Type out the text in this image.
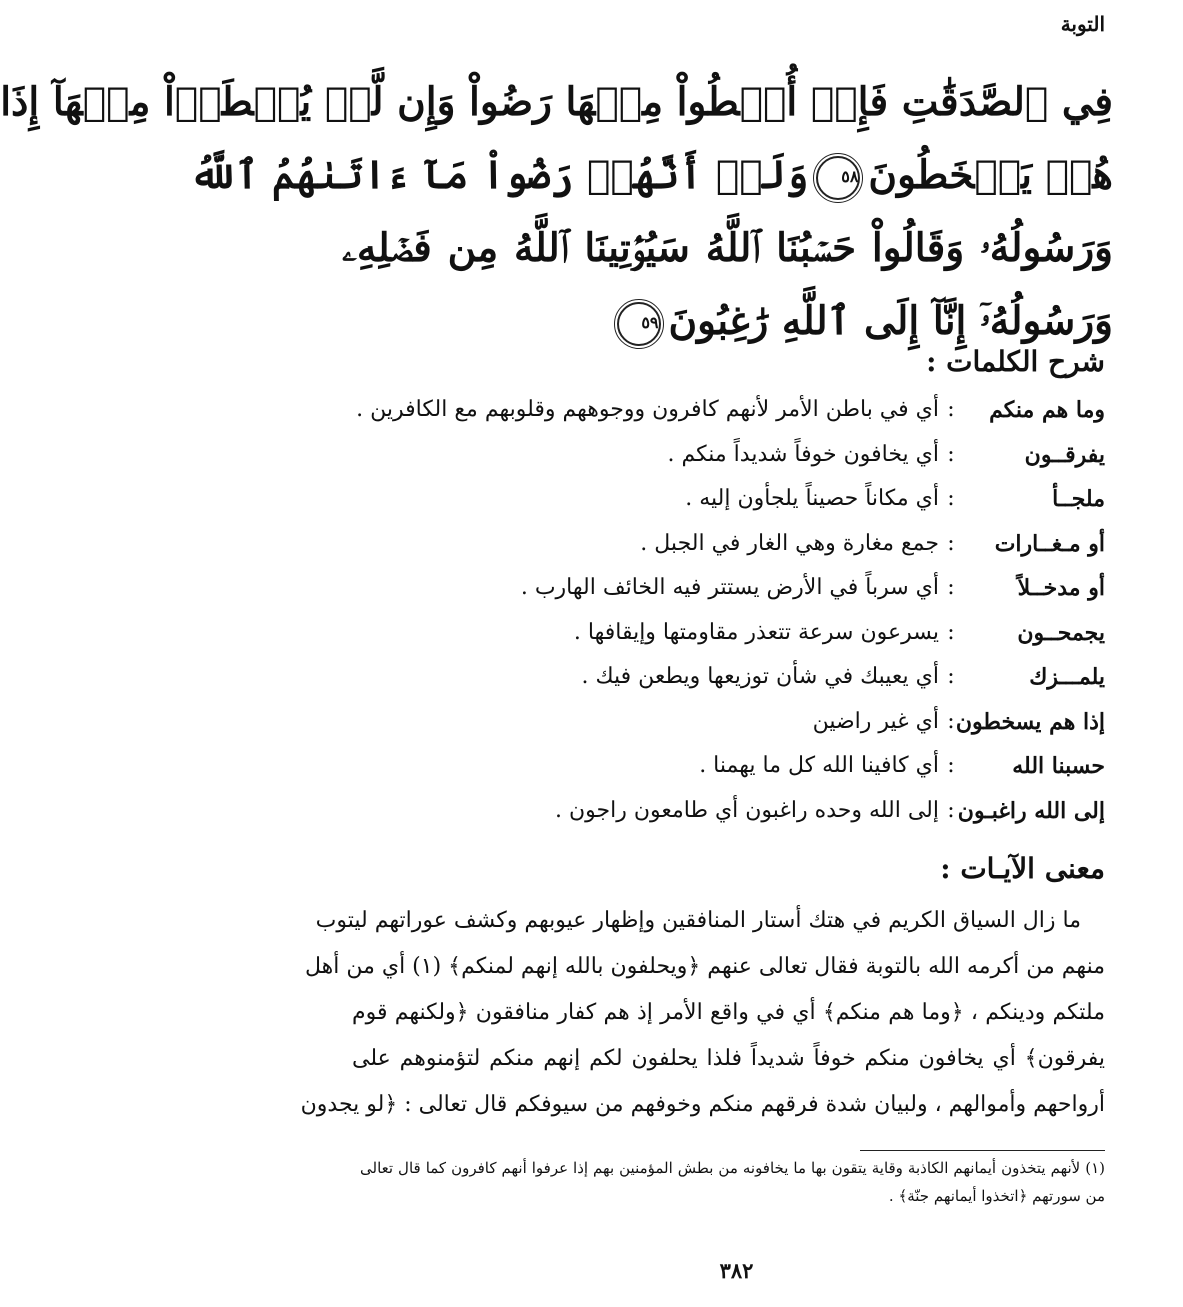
التوبة
فِي ٱلصَّدَقَٰتِ فَإِنۡ أُعۡطُواْ مِنۡهَا رَضُواْ وَإِن لَّمۡ يُعۡطَوۡاْ مِنۡهَآ إِذَا
هُمۡ يَسۡخَطُونَ٥٨وَلَوۡ أَنَّهُمۡ رَضُواْ مَآ ءَاتَىٰهُمُ ٱللَّهُ
وَرَسُولُهُۥ وَقَالُواْ حَسۡبُنَا ٱللَّهُ سَيُؤۡتِينَا ٱللَّهُ مِن فَضۡلِهِۦ
وَرَسُولُهُۥٓ إِنَّآ إِلَى ٱللَّهِ رَٰغِبُونَ٥٩
شرح الكلمات :
وما هم منكم
:
أي في باطن الأمر لأنهم كافرون ووجوههم وقلوبهم مع الكافرين .
يفرقــون
:
أي يخافون خوفاً شديداً منكم .
ملجــأ
:
أي مكاناً حصيناً يلجأون إليه .
أو مـغــارات
:
جمع مغارة وهي الغار في الجبل .
أو مدخــلاً
:
أي سرباً في الأرض يستتر فيه الخائف الهارب .
يجمحــون
:
يسرعون سرعة تتعذر مقاومتها وإيقافها .
يلمـــزك
:
أي يعيبك في شأن توزيعها ويطعن فيك .
إذا هم يسخطون
:
أي غير راضين
حسبنا الله
:
أي كافينا الله كل ما يهمنا .
إلى الله راغبـون
:
إلى الله وحده راغبون أي طامعون راجون .
معنى الآيـات :
ما زال السياق الكريم في هتك أستار المنافقين وإظهار عيوبهم وكشف عوراتهم ليتوب
منهم من أكرمه الله بالتوبة فقال تعالى عنهم ﴿ويحلفون بالله إنهم لمنكم﴾ (١) أي من أهل
ملتكم ودينكم ، ﴿وما هم منكم﴾ أي في واقع الأمر إذ هم كفار منافقون ﴿ولكنهم قوم
يفرقون﴾ أي يخافون منكم خوفاً شديداً فلذا يحلفون لكم إنهم منكم لتؤمنوهم على
أرواحهم وأموالهم ، ولبيان شدة فرقهم منكم وخوفهم من سيوفكم قال تعالى : ﴿لو يجدون
(١) لأنهم يتخذون أيمانهم الكاذبة وقاية يتقون بها ما يخافونه من بطش المؤمنين بهم إذا عرفوا أنهم كافرون كما قال تعالى
من سورتهم ﴿اتخذوا أيمانهم جنّة﴾ .
٣٨٢
